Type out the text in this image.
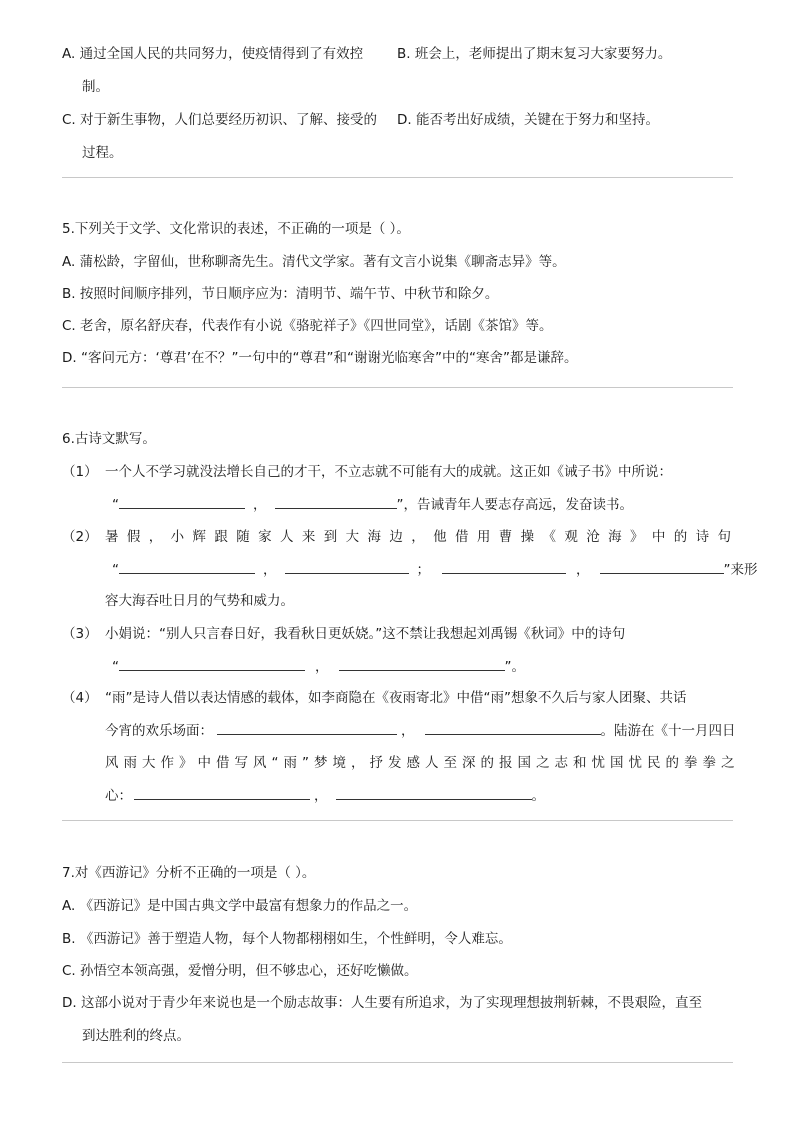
A. 通过全国人民的共同努力，使疫情得到了有效控	B. 班会上，老师提出了期末复习大家要努力。
制。
C. 对于新生事物，人们总要经历初识、了解、接受的 D. 能否考出好成绩，关键在于努力和坚持。
过程。
5.下列关于文学、文化常识的表述，不正确的一项是（ ）。
A. 蒲松龄，字留仙，世称聊斋先生。清代文学家。著有文言小说集《聊斋志异》等。
B. 按照时间顺序排列，节日顺序应为：清明节、端午节、中秋节和除夕。
C. 老舍，原名舒庆春，代表作有小说《骆驼祥子》《四世同堂》，话剧《茶馆》等。
D. “客问元方：‘尊君’在不？”一句中的“尊君”和“谢谢光临寒舍”中的“寒舍”都是谦辞。
6.古诗文默写。
（1） 一个人不学习就没法增长自己的才干，不立志就不可能有大的成就。这正如《诫子书》中所说：
“	，	”，告诫青年人要志存高远，发奋读书。
（2） 暑 假 ， 小 辉 跟 随 家 人 来 到 大 海 边 ， 他 借 用 曹 操 《 观 沧 海 》 中 的 诗 句
“	，	；	，	”来形
容大海吞吐日月的气势和威力。
（3） 小娟说：“别人只言春日好，我看秋日更妖娆。”这不禁让我想起刘禹锡《秋词》中的诗句
“	，	”。
（4） “雨”是诗人借以表达情感的载体，如李商隐在《夜雨寄北》中借“雨”想象不久后与家人团聚、共话
今宵的欢乐场面：	，	。陆游在《十一月四日
风 雨 大 作 》 中 借 写 风 “ 雨 ” 梦 境 ， 抒 发 感 人 至 深 的 报 国 之 志 和 忧 国 忧 民 的 拳 拳 之
心：	，	。
7.对《西游记》分析不正确的一项是（ ）。
A. 《西游记》是中国古典文学中最富有想象力的作品之一。
B. 《西游记》善于塑造人物，每个人物都栩栩如生，个性鲜明，令人难忘。
C. 孙悟空本领高强，爱憎分明，但不够忠心，还好吃懒做。
D. 这部小说对于青少年来说也是一个励志故事：人生要有所追求，为了实现理想披荆斩棘，不畏艰险，直至
到达胜利的终点。
